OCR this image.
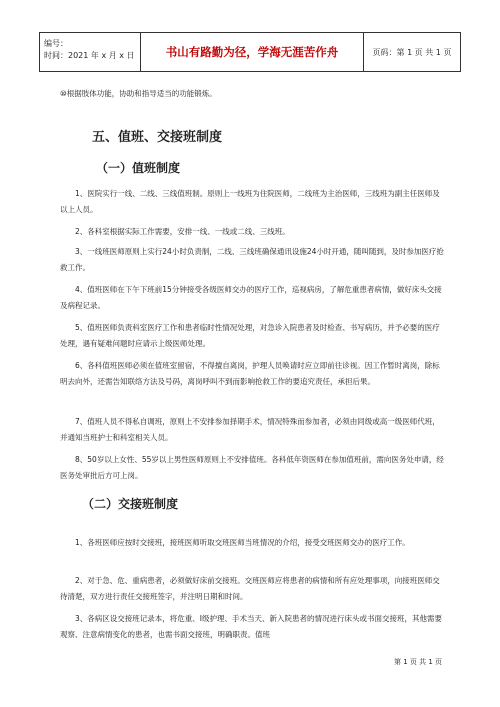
编号：
时间：2021 年 x 月 x 日	书山有路勤为径，学海无涯苦作舟	页码：第 1 页 共 1 页
⑩根据肢体功能，协助和指导适当的功能锻炼。
五、值班、交接班制度
（一）值班制度
1、医院实行一线、二线、三线值班制。原则上一线班为住院医师，二线班为主治医师，三线班为副主任医师及以上人员。
2、各科室根据实际工作需要，安排一线、一线或二线、三线班。
3、一线班医师原则上实行24小时负责制，二线、三线班确保通讯设施24小时开通，随叫随到，及时参加医疗抢救工作。
4、值班医师在下午下班前15分钟接受各级医师交办的医疗工作，巡视病房，了解危重患者病情，做好床头交接及病程记录。
5、值班医师负责科室医疗工作和患者临时性情况处理，对急诊入院患者及时检查、书写病历，并予必要的医疗处理，遇有疑难问题时应请示上级医师处理。
6、各科值班医师必须在值班室留宿，不得擅自离岗，护理人员唤请时应立即前往诊视。因工作暂时离岗，除标明去向外，还需告知联络方法及号码，离岗呼叫不到而影响抢救工作的要追究责任，承担后果。
7、值班人员不得私自调班，原则上不安排参加择期手术，情况特殊而参加者，必须由同级或高一级医师代班，并通知当班护士和科室相关人员。
8、50岁以上女性、55岁以上男性医师原则上不安排值班。各科低年资医师在参加值班前，需向医务处申请，经医务处审批后方可上岗。
（二）交接班制度
1、各班医师应按时交接班，接班医师听取交班医师当班情况的介绍，接受交班医师交办的医疗工作。
2、对于急、危、重病患者，必须做好床前交接班。交班医师应将患者的病情和所有应处理事项，向接班医师交待清楚，双方进行责任交接班签字，并注明日期和时间。
3、各病区设交接班记录本，将危重、Ⅰ级护理、手术当天、新入院患者的情况进行床头或书面交接班，其他需要观察、注意病情变化的患者，也需书面交接班，明确职责。值班
第 1 页 共 1 页
